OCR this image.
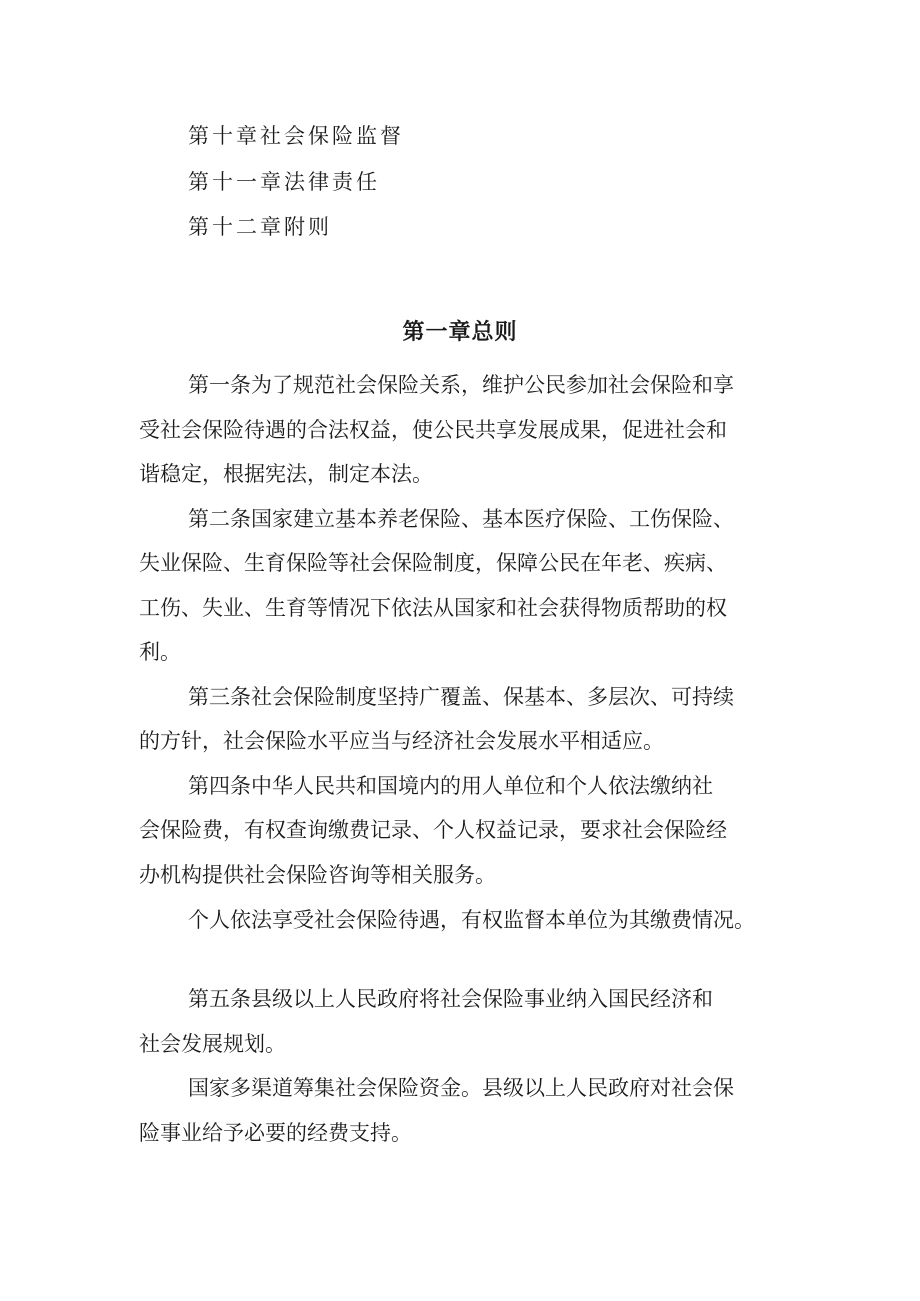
第十章社会保险监督
第十一章法律责任
第十二章附则
第一章总则
第一条为了规范社会保险关系，维护公民参加社会保险和享
受社会保险待遇的合法权益，使公民共享发展成果，促进社会和
谐稳定，根据宪法，制定本法。
第二条国家建立基本养老保险、基本医疗保险、工伤保险、
失业保险、生育保险等社会保险制度，保障公民在年老、疾病、
工伤、失业、生育等情况下依法从国家和社会获得物质帮助的权
利。
第三条社会保险制度坚持广覆盖、保基本、多层次、可持续
的方针，社会保险水平应当与经济社会发展水平相适应。
第四条中华人民共和国境内的用人单位和个人依法缴纳社
会保险费，有权查询缴费记录、个人权益记录，要求社会保险经
办机构提供社会保险咨询等相关服务。
个人依法享受社会保险待遇，有权监督本单位为其缴费情况。
第五条县级以上人民政府将社会保险事业纳入国民经济和
社会发展规划。
国家多渠道筹集社会保险资金。县级以上人民政府对社会保
险事业给予必要的经费支持。
